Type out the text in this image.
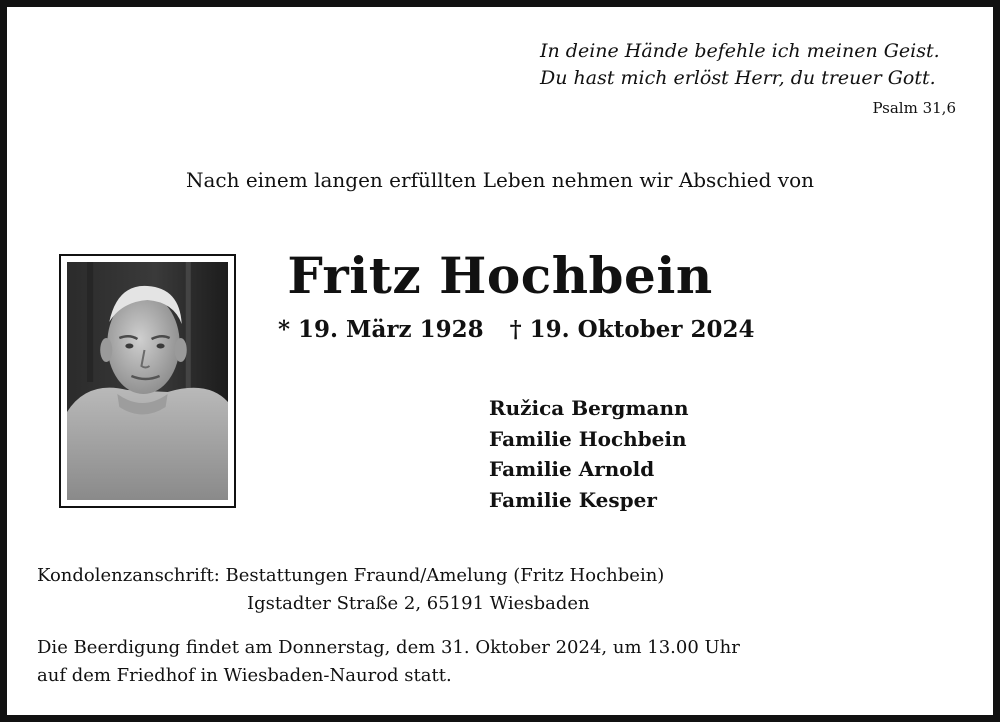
In deine Hände befehle ich meinen Geist.
Du hast mich erlöst Herr, du treuer Gott.
Psalm 31,6
Nach einem langen erfüllten Leben nehmen wir Abschied von
Fritz Hochbein
* 19. März 1928 † 19. Oktober 2024
Ružica Bergmann
Familie Hochbein
Familie Arnold
Familie Kesper
Kondolenzanschrift: Bestattungen Fraund/Amelung (Fritz Hochbein)
Igstadter Straße 2, 65191 Wiesbaden
Die Beerdigung findet am Donnerstag, dem 31. Oktober 2024, um 13.00 Uhr
auf dem Friedhof in Wiesbaden-Naurod statt.
